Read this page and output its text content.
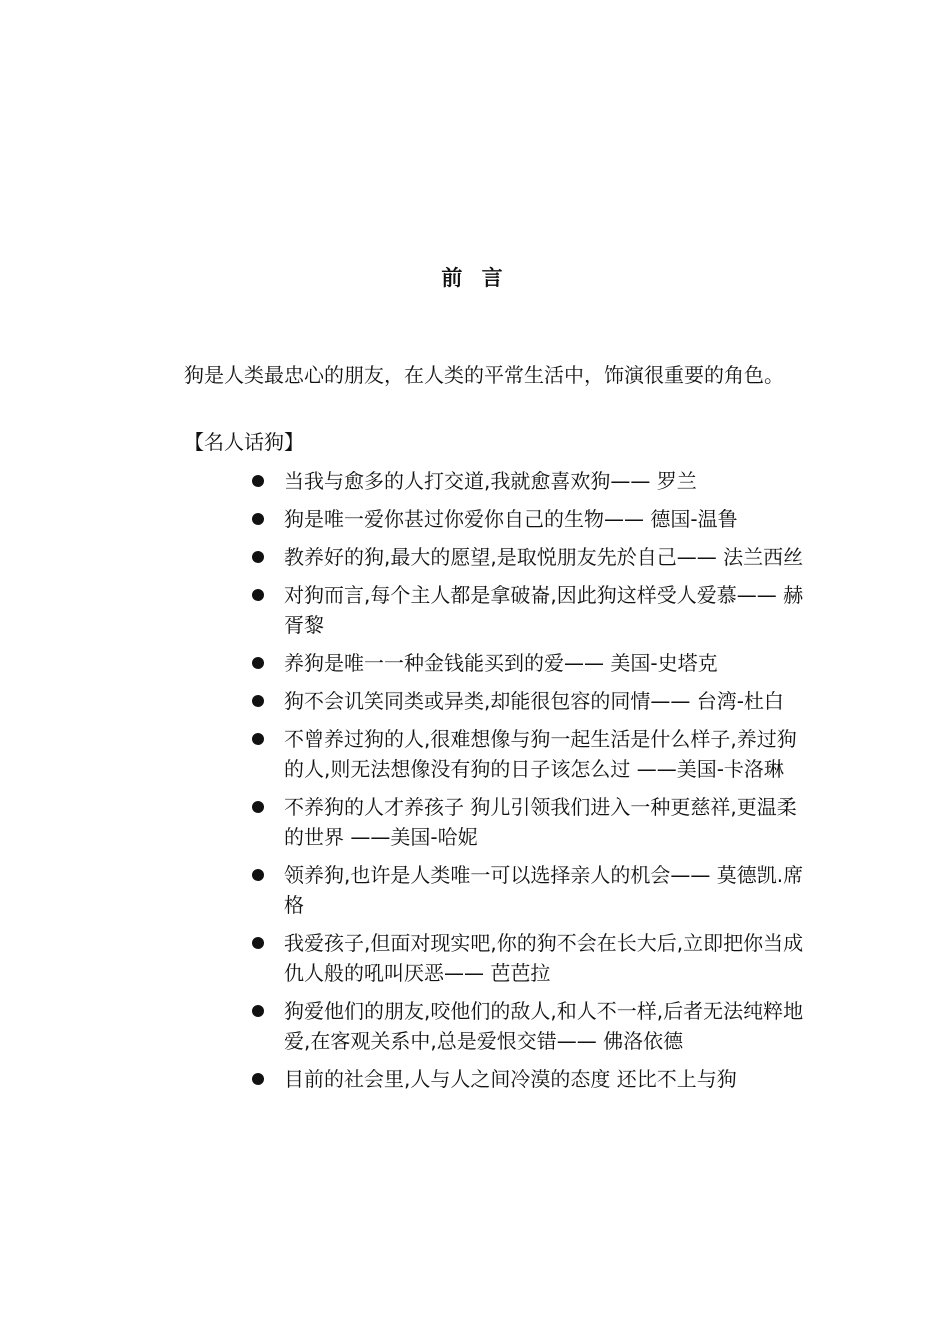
前 言

狗是人类最忠心的朋友，在人类的平常生活中，饰演很重要的角色。

【名人话狗】
当我与愈多的人打交道,我就愈喜欢狗—— 罗兰
狗是唯一爱你甚过你爱你自己的生物—— 德国-温鲁
教养好的狗,最大的愿望,是取悦朋友先於自己—— 法兰西丝
对狗而言,每个主人都是拿破崙,因此狗这样受人爱慕—— 赫胥黎
养狗是唯一一种金钱能买到的爱—— 美国-史塔克
狗不会讥笑同类或异类,却能很包容的同情—— 台湾-杜白
不曾养过狗的人,很难想像与狗一起生活是什么样子,养过狗的人,则无法想像没有狗的日子该怎么过 ——美国-卡洛琳
不养狗的人才养孩子 狗儿引领我们进入一种更慈祥,更温柔的世界 ——美国-哈妮
领养狗,也许是人类唯一可以选择亲人的机会—— 莫德凯.席格
我爱孩子,但面对现实吧,你的狗不会在长大后,立即把你当成仇人般的吼叫厌恶—— 芭芭拉
狗爱他们的朋友,咬他们的敌人,和人不一样,后者无法纯粹地爱,在客观关系中,总是爱恨交错—— 佛洛依德
目前的社会里,人与人之间冷漠的态度 还比不上与狗
